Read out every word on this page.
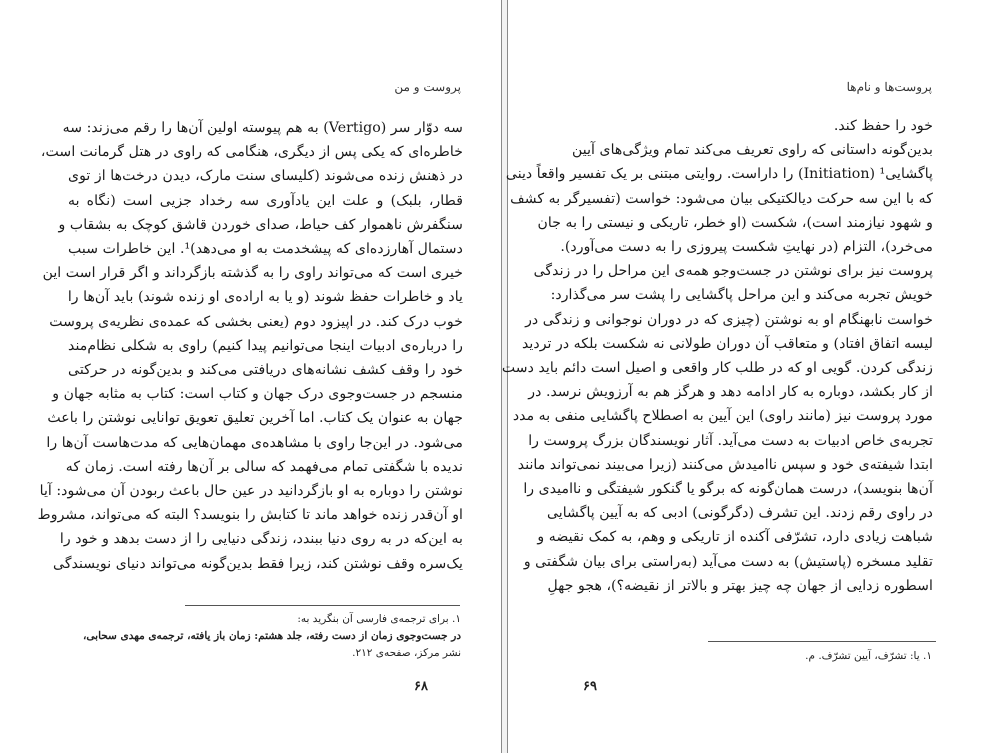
پروست و من
سه دوّار سر (Vertigo) به هم پیوسته اولین آن‌ها را رقم می‌زند: سه
خاطره‌ای که یکی پس از دیگری، هنگامی که راوی در هتل گرمانت است،
در ذهنش زنده می‌شوند (کلیسای سنت مارک، دیدن درخت‌ها از توی
قطار، بلبک) و علت این یادآوری سه رخداد جزیی است (نگاه به
سنگفرش ناهموار کف حیاط، صدای خوردن قاشق کوچک به بشقاب و
دستمال آهارزده‌ای که پیشخدمت به او می‌دهد)¹. این خاطرات سبب
خیری است که می‌تواند راوی را به گذشته بازگرداند و اگر قرار است این
یاد و خاطرات حفظ شوند (و یا به اراده‌ی او زنده شوند) باید آن‌ها را
خوب درک کند. در اپیزود دوم (یعنی بخشی که عمده‌ی نظریه‌ی پروست
را درباره‌ی ادبیات اینجا می‌توانیم پیدا کنیم) راوی به شکلی نظام‌مند
خود را وقف کشف نشانه‌های دریافتی می‌کند و بدین‌گونه در حرکتی
منسجم در جست‌وجوی درک جهان و کتاب است: کتاب به مثابه جهان و
جهان به عنوان یک کتاب. اما آخرین تعلیق تعویق توانایی نوشتن را باعث
می‌شود. در این‌جا راوی با مشاهده‌ی مهمان‌هایی که مدت‌هاست آن‌ها را
ندیده با شگفتی تمام می‌فهمد که سالی بر آن‌ها رفته است. زمان که
نوشتن را دوباره به او بازگردانید در عین حال باعث ربودن آن می‌شود: آیا
او آن‌قدر زنده خواهد ماند تا کتابش را بنویسد؟ البته که می‌تواند، مشروط
به این‌که در به روی دنیا ببندد، زندگی دنیایی را از دست بدهد و خود را
یک‌سره وقف نوشتن کند، زیرا فقط بدین‌گونه می‌تواند دنیای نویسندگی
۱. برای ترجمه‌ی فارسی آن بنگرید به:
در جست‌وجوی زمان از دست رفته، جلد هشتم: زمان باز یافته، ترجمه‌ی مهدی سحابی،
نشر مرکز، صفحه‌ی ۲۱۲.
۶۸
پروست‌ها و نام‌ها
خود را حفظ کند.
بدین‌گونه داستانی که راوی تعریف می‌کند تمام ویژگی‌های آیین
پاگشایی¹ (Initiation) را داراست. روایتی مبتنی بر یک تفسیر واقعاً دینی
که با این سه حرکت دیالکتیکی بیان می‌شود: خواست (تفسیرگر به کشف
و شهود نیازمند است)، شکست (او خطر، تاریکی و نیستی را به جان
می‌خرد)، التزام (در نهایتِ شکست پیروزی را به دست می‌آورد).
پروست نیز برای نوشتن در جست‌وجو همه‌ی این مراحل را در زندگی
خویش تجربه می‌کند و این مراحل پاگشایی را پشت سر می‌گذارد:
خواست نابهنگام او به نوشتن (چیزی که در دوران نوجوانی و زندگی در
لیسه اتفاق افتاد) و متعاقب آن دوران طولانی نه شکست بلکه در تردید
زندگی کردن. گویی او که در طلب کار واقعی و اصیل است دائم باید دست
از کار بکشد، دوباره به کار ادامه دهد و هرگز هم به آرزویش نرسد. در
مورد پروست نیز (مانند راوی) این آیین به اصطلاح پاگشایی منفی به مدد
تجربه‌ی خاص ادبیات به دست می‌آید. آثار نویسندگان بزرگ پروست را
ابتدا شیفته‌ی خود و سپس ناامیدش می‌کنند (زیرا می‌بیند نمی‌تواند مانند
آن‌ها بنویسد)، درست همان‌گونه که برگو یا گنکور شیفتگی و ناامیدی را
در راوی رقم زدند. این تشرف (دگرگونی) ادبی که به آیین پاگشایی
شباهت زیادی دارد، تشرّفی آکنده از تاریکی و وهم، به کمک نقیضه و
تقلید مسخره (پاستیش) به دست می‌آید (به‌راستی برای بیان شگفتی و
اسطوره زدایی از جهان چه چیز بهتر و بالاتر از نقیضه؟)، هجو جهلِ
۱. یا: تشرّف، آیین تشرّف. م.
۶۹
